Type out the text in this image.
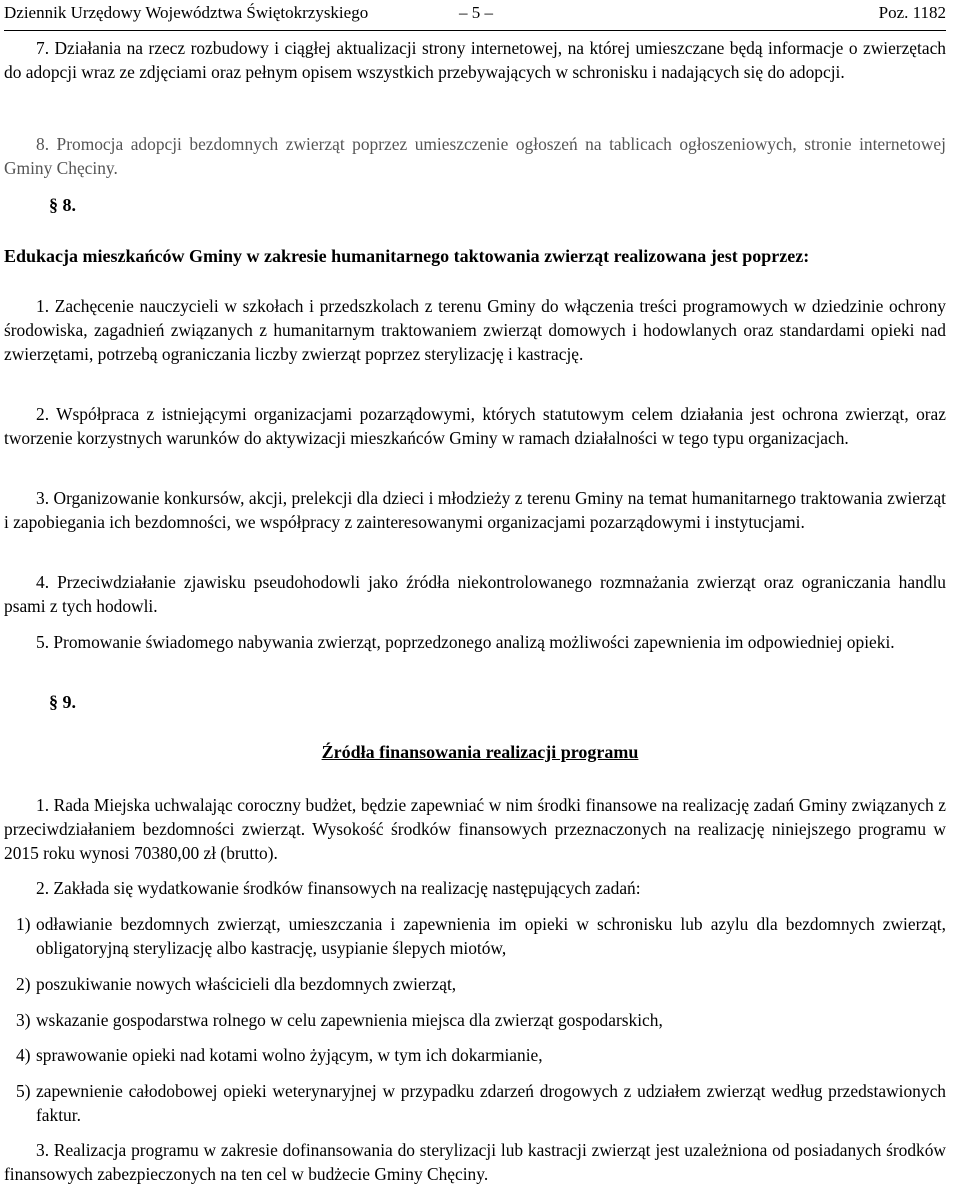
Dziennik Urzędowy Województwa Świętokrzyskiego	– 5 –	Poz. 1182

7. Działania na rzecz rozbudowy i ciągłej aktualizacji strony internetowej, na której umieszczane będą informacje o zwierzętach do adopcji wraz ze zdjęciami oraz pełnym opisem wszystkich przebywających w schronisku i nadających się do adopcji.

8. Promocja adopcji bezdomnych zwierząt poprzez umieszczenie ogłoszeń na tablicach ogłoszeniowych, stronie internetowej Gminy Chęciny.

§ 8.
Edukacja mieszkańców Gminy w zakresie humanitarnego taktowania zwierząt realizowana jest poprzez:

1. Zachęcenie nauczycieli w szkołach i przedszkolach z terenu Gminy do włączenia treści programowych w dziedzinie ochrony środowiska, zagadnień związanych z humanitarnym traktowaniem zwierząt domowych i hodowlanych oraz standardami opieki nad zwierzętami, potrzebą ograniczania liczby zwierząt poprzez sterylizację i kastrację.

2. Współpraca z istniejącymi organizacjami pozarządowymi, których statutowym celem działania jest ochrona zwierząt, oraz tworzenie korzystnych warunków do aktywizacji mieszkańców Gminy w ramach działalności w tego typu organizacjach.

3. Organizowanie konkursów, akcji, prelekcji dla dzieci i młodzieży z terenu Gminy na temat humanitarnego traktowania zwierząt i zapobiegania ich bezdomności, we współpracy z zainteresowanymi organizacjami pozarządowymi i instytucjami.

4. Przeciwdziałanie zjawisku pseudohodowli jako źródła niekontrolowanego rozmnażania zwierząt oraz ograniczania handlu psami z tych hodowli.

5. Promowanie świadomego nabywania zwierząt, poprzedzonego analizą możliwości zapewnienia im odpowiedniej opieki.

§ 9.
Źródła finansowania realizacji programu

1. Rada Miejska uchwalając coroczny budżet, będzie zapewniać w nim środki finansowe na realizację zadań Gminy związanych z przeciwdziałaniem bezdomności zwierząt. Wysokość środków finansowych przeznaczonych na realizację niniejszego programu w 2015 roku wynosi 70380,00 zł (brutto).

2. Zakłada się wydatkowanie środków finansowych na realizację następujących zadań:

1) odławianie bezdomnych zwierząt, umieszczania i zapewnienia im opieki w schronisku lub azylu dla bezdomnych zwierząt, obligatoryjną sterylizację albo kastrację, usypianie ślepych miotów,
2) poszukiwanie nowych właścicieli dla bezdomnych zwierząt,
3) wskazanie gospodarstwa rolnego w celu zapewnienia miejsca dla zwierząt gospodarskich,
4) sprawowanie opieki nad kotami wolno żyjącym, w tym ich dokarmianie,
5) zapewnienie całodobowej opieki weterynaryjnej w przypadku zdarzeń drogowych z udziałem zwierząt według przedstawionych faktur.

3. Realizacja programu w zakresie dofinansowania do sterylizacji lub kastracji zwierząt jest uzależniona od posiadanych środków finansowych zabezpieczonych na ten cel w budżecie Gminy Chęciny.
